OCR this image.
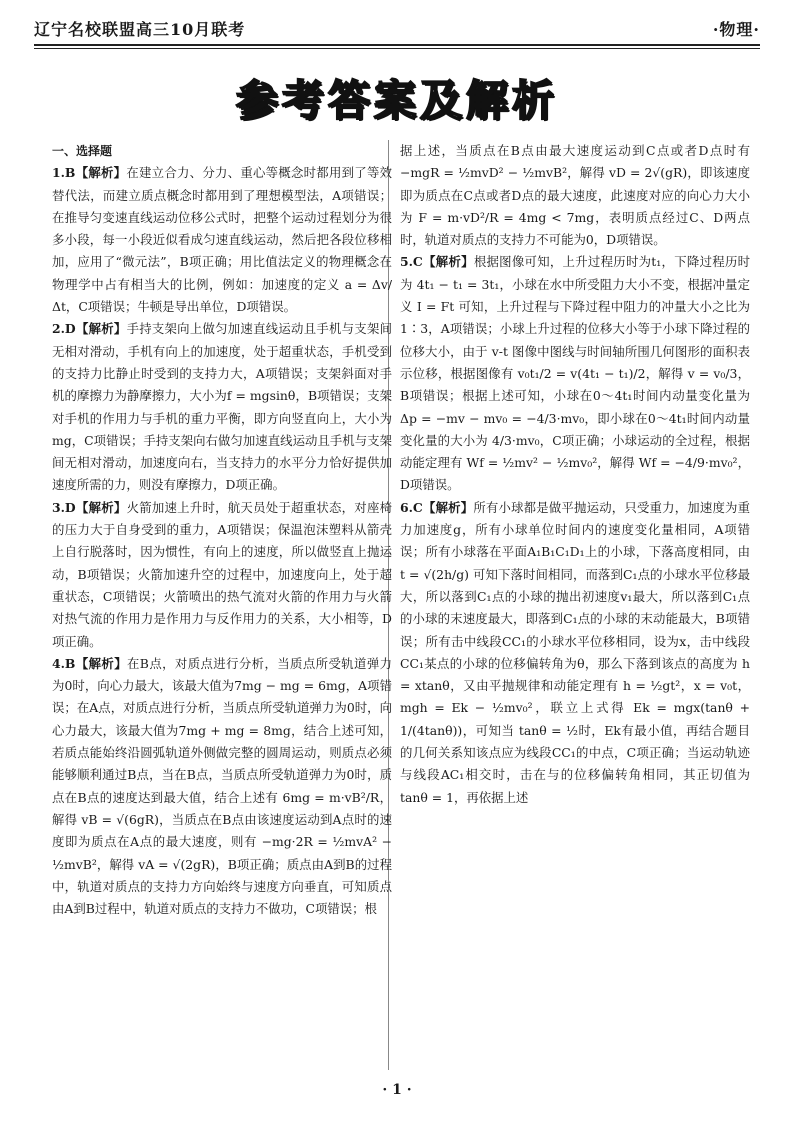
辽宁名校联盟高三10月联考	·物理·
参考答案及解析
一、选择题

1.B【解析】在建立合力、分力、重心等概念时都用到了等效替代法，而建立质点概念时都用到了理想模型法，A项错误；在推导匀变速直线运动位移公式时，把整个运动过程划分为很多小段，每一小段近似看成匀速直线运动，然后把各段位移相加，应用了“微元法”，B项正确；用比值法定义的物理概念在物理学中占有相当大的比例，例如：加速度的定义 a = Δv/Δt，C项错误；牛顿是导出单位，D项错误。

2.D【解析】手持支架向上做匀加速直线运动且手机与支架间无相对滑动，手机有向上的加速度，处于超重状态，手机受到的支持力比静止时受到的支持力大，A项错误；支架斜面对手机的摩擦力为静摩擦力，大小为f = mgsinθ，B项错误；支架对手机的作用力与手机的重力平衡，即方向竖直向上，大小为mg，C项错误；手持支架向右做匀加速直线运动且手机与支架间无相对滑动，加速度向右，当支持力的水平分力恰好提供加速度所需的力，则没有摩擦力，D项正确。

3.D【解析】火箭加速上升时，航天员处于超重状态，对座椅的压力大于自身受到的重力，A项错误；保温泡沫塑料从箭壳上自行脱落时，因为惯性，有向上的速度，所以做竖直上抛运动，B项错误；火箭加速升空的过程中，加速度向上，处于超重状态，C项错误；火箭喷出的热气流对火箭的作用力与火箭对热气流的作用力是作用力与反作用力的关系，大小相等，D项正确。

4.B【解析】在B点，对质点进行分析，当质点所受轨道弹力为0时，向心力最大，该最大值为7mg − mg = 6mg，A项错误；在A点，对质点进行分析，当质点所受轨道弹力为0时，向心力最大，该最大值为7mg + mg = 8mg，结合上述可知，若质点能始终沿圆弧轨道外侧做完整的圆周运动，则质点必须能够顺利通过B点，当在B点，当质点所受轨道弹力为0时，质点在B点的速度达到最大值，结合上述有 6mg = m·vB²/R，解得 vB = √(6gR)，当质点在B点由该速度运动到A点时的速度即为质点在A点的最大速度，则有 −mg·2R = ½mvA² − ½mvB²，解得 vA = √(2gR)，B项正确；质点由A到B的过程中，轨道对质点的支持力方向始终与速度方向垂直，可知质点由A到B过程中，轨道对质点的支持力不做功，C项错误；根

据上述，当质点在B点由最大速度运动到C点或者D点时有 −mgR = ½mvD² − ½mvB²，解得 vD = 2√(gR)，即该速度即为质点在C点或者D点的最大速度，此速度对应的向心力大小为 F = m·vD²/R = 4mg < 7mg，表明质点经过C、D两点时，轨道对质点的支持力不可能为0，D项错误。

5.C【解析】根据图像可知，上升过程历时为t₁，下降过程历时为 4t₁ − t₁ = 3t₁，小球在水中所受阻力大小不变，根据冲量定义 I = Ft 可知，上升过程与下降过程中阻力的冲量大小之比为1∶3，A项错误；小球上升过程的位移大小等于小球下降过程的位移大小，由于 v-t 图像中图线与时间轴所围几何图形的面积表示位移，根据图像有 v₀t₁/2 = v(4t₁ − t₁)/2，解得 v = v₀/3，B项错误；根据上述可知，小球在0～4t₁时间内动量变化量为 Δp = −mv − mv₀ = −4/3·mv₀，即小球在0～4t₁时间内动量变化量的大小为 4/3·mv₀，C项正确；小球运动的全过程，根据动能定理有 Wf = ½mv² − ½mv₀²，解得 Wf = −4/9·mv₀²，D项错误。

6.C【解析】所有小球都是做平抛运动，只受重力，加速度为重力加速度g，所有小球单位时间内的速度变化量相同，A项错误；所有小球落在平面A₁B₁C₁D₁上的小球，下落高度相同，由 t = √(2h/g) 可知下落时间相同，而落到C₁点的小球水平位移最大，所以落到C₁点的小球的抛出初速度v₁最大，所以落到C₁点的小球的末速度最大，即落到C₁点的小球的末动能最大，B项错误；所有击中线段CC₁的小球水平位移相同，设为x，击中线段CC₁某点的小球的位移偏转角为θ，那么下落到该点的高度为 h = xtanθ，又由平抛规律和动能定理有 h = ½gt²，x = v₀t，mgh = Ek − ½mv₀²，联立上式得 Ek = mgx(tanθ + 1/(4tanθ))，可知当 tanθ = ½时，Ek有最小值，再结合题目的几何关系知该点应为线段CC₁的中点，C项正确；当运动轨迹与线段AC₁相交时，击在与的位移偏转角相同，其正切值为 tanθ = 1，再依据上述

· 1 ·
